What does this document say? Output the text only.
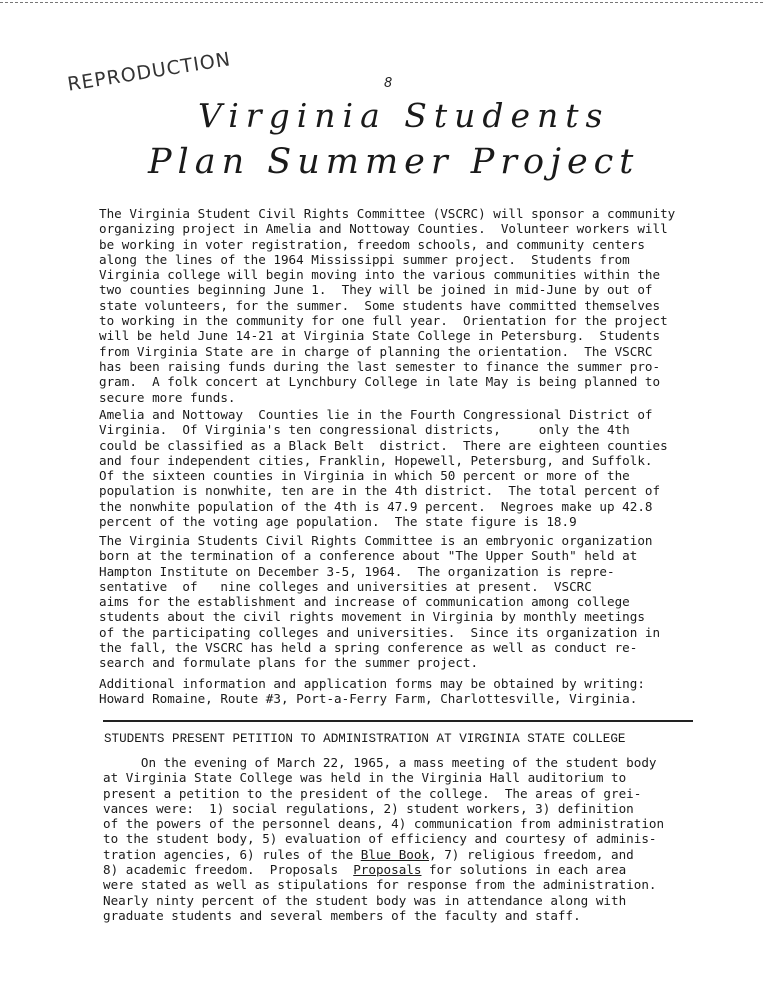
REPRODUCTION	8
Virginia Students
Plan Summer Project
The Virginia Student Civil Rights Committee (VSCRC) will sponsor a community
organizing project in Amelia and Nottoway Counties.  Volunteer workers will
be working in voter registration, freedom schools, and community centers
along the lines of the 1964 Mississippi summer project.  Students from
Virginia college will begin moving into the various communities within the
two counties beginning June 1.  They will be joined in mid-June by out of
state volunteers, for the summer.  Some students have committed themselves
to working in the community for one full year.  Orientation for the project
will be held June 14-21 at Virginia State College in Petersburg.  Students
from Virginia State are in charge of planning the orientation.  The VSCRC
has been raising funds during the last semester to finance the summer pro-
gram.  A folk concert at Lynchbury College in late May is being planned to
secure more funds.
Amelia and Nottoway  Counties lie in the Fourth Congressional District of
Virginia.  Of Virginia's ten congressional districts,     only the 4th
could be classified as a Black Belt  district.  There are eighteen counties
and four independent cities, Franklin, Hopewell, Petersburg, and Suffolk.
Of the sixteen counties in Virginia in which 50 percent or more of the
population is nonwhite, ten are in the 4th district.  The total percent of
the nonwhite population of the 4th is 47.9 percent.  Negroes make up 42.8
percent of the voting age population.  The state figure is 18.9
The Virginia Students Civil Rights Committee is an embryonic organization
born at the termination of a conference about "The Upper South" held at
Hampton Institute on December 3-5, 1964.  The organization is repre-
sentative  of   nine colleges and universities at present.  VSCRC
aims for the establishment and increase of communication among college
students about the civil rights movement in Virginia by monthly meetings
of the participating colleges and universities.  Since its organization in
the fall, the VSCRC has held a spring conference as well as conduct re-
search and formulate plans for the summer project.
Additional information and application forms may be obtained by writing:
Howard Romaine, Route #3, Port-a-Ferry Farm, Charlottesville, Virginia.
STUDENTS PRESENT PETITION TO ADMINISTRATION AT VIRGINIA STATE COLLEGE
On the evening of March 22, 1965, a mass meeting of the student body
at Virginia State College was held in the Virginia Hall auditorium to
present a petition to the president of the college.  The areas of grei-
vances were:  1) social regulations, 2) student workers, 3) definition
of the powers of the personnel deans, 4) communication from administration
to the student body, 5) evaluation of efficiency and courtesy of adminis-
tration agencies, 6) rules of the Blue Book, 7) religious freedom, and
8) academic freedom.  Proposals  Proposals for solutions in each area
were stated as well as stipulations for response from the administration.
Nearly ninty percent of the student body was in attendance along with
graduate students and several members of the faculty and staff.
